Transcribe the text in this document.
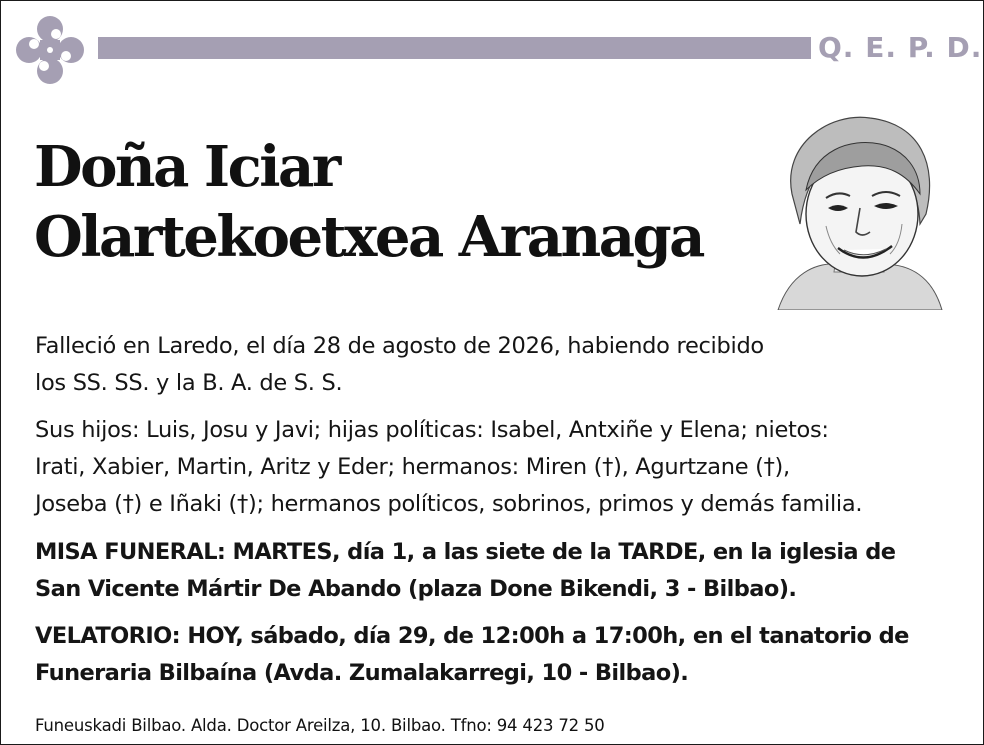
Q. E. P. D.
Doña Iciar
Olartekoetxea Aranaga

Falleció en Laredo, el día 28 de agosto de 2026, habiendo recibido
los SS. SS. y la B. A. de S. S.

Sus hijos: Luis, Josu y Javi; hijas políticas: Isabel, Antxiñe y Elena; nietos:
Irati, Xabier, Martin, Aritz y Eder; hermanos: Miren (†), Agurtzane (†),
Joseba (†) e Iñaki (†); hermanos políticos, sobrinos, primos y demás familia.

MISA FUNERAL: MARTES, día 1, a las siete de la TARDE, en la iglesia de
San Vicente Mártir De Abando (plaza Done Bikendi, 3 - Bilbao).

VELATORIO: HOY, sábado, día 29, de 12:00h a 17:00h, en el tanatorio de
Funeraria Bilbaína (Avda. Zumalakarregi, 10 - Bilbao).

Funeuskadi Bilbao. Alda. Doctor Areilza, 10. Bilbao. Tfno: 94 423 72 50
